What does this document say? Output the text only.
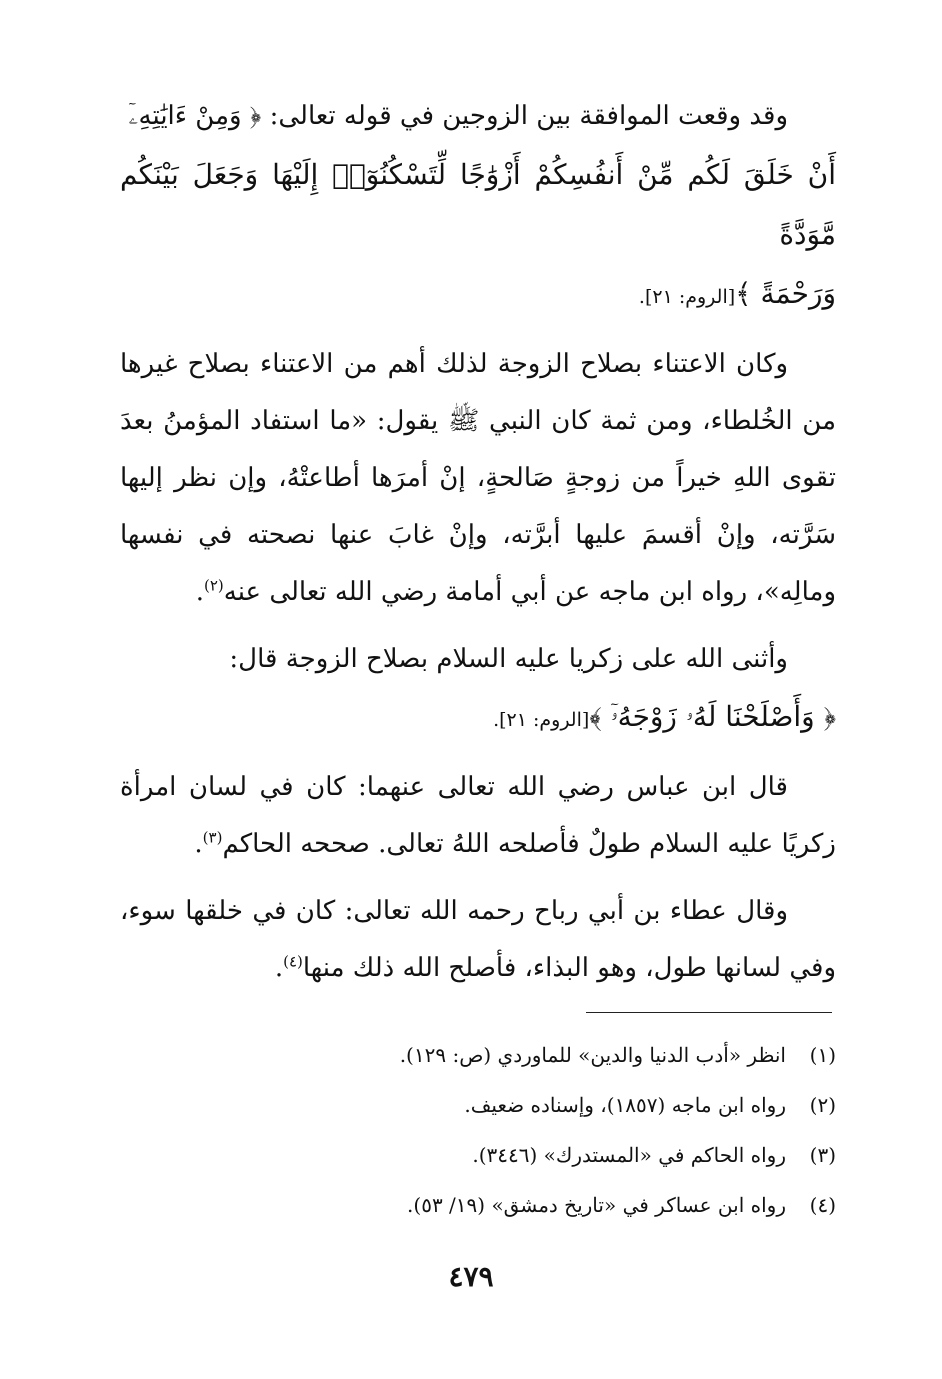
وقد وقعت الموافقة بين الزوجين في قوله تعالى: ﴿ وَمِنْ ءَايَٰتِهِۦٓ
أَنْ خَلَقَ لَكُم مِّنْ أَنفُسِكُمْ أَزْوَٰجًا لِّتَسْكُنُوٓا۟ إِلَيْهَا وَجَعَلَ بَيْنَكُم مَّوَدَّةً
وَرَحْمَةً ﴾[الروم: ٢١].

وكان الاعتناء بصلاح الزوجة لذلك أهم من الاعتناء بصلاح غيرها من الخُلطاء، ومن ثمة كان النبي ﷺ يقول: «ما استفاد المؤمنُ بعدَ تقوى اللهِ خيراً من زوجةٍ صَالحةٍ، إنْ أمرَها أطاعتْهُ، وإن نظر إليها سَرَّته، وإنْ أقسمَ عليها أبرَّته، وإنْ غابَ عنها نصحته في نفسها ومالِه»، رواه ابن ماجه عن أبي أمامة رضي الله تعالى عنه$^{(٢)}$.

وأثنى الله على زكريا عليه السلام بصلاح الزوجة قال:
﴿ وَأَصْلَحْنَا لَهُۥ زَوْجَهُۥٓ ﴾[الروم: ٢١].

قال ابن عباس رضي الله تعالى عنهما: كان في لسان امرأة زكريًا عليه السلام طولٌ فأصلحه اللهُ تعالى. صححه الحاكم$^{(٣)}$.

وقال عطاء بن أبي رباح رحمه الله تعالى: كان في خلقها سوء، وفي لسانها طول، وهو البذاء، فأصلح الله ذلك منها$^{(٤)}$.

(١)
انظر «أدب الدنيا والدين» للماوردي (ص: ١٢٩).
(٢)
رواه ابن ماجه (١٨٥٧)، وإسناده ضعيف.
(٣)
رواه الحاكم في «المستدرك» (٣٤٤٦).
(٤)
رواه ابن عساكر في «تاريخ دمشق» (١٩/ ٥٣).
٤٧٩
